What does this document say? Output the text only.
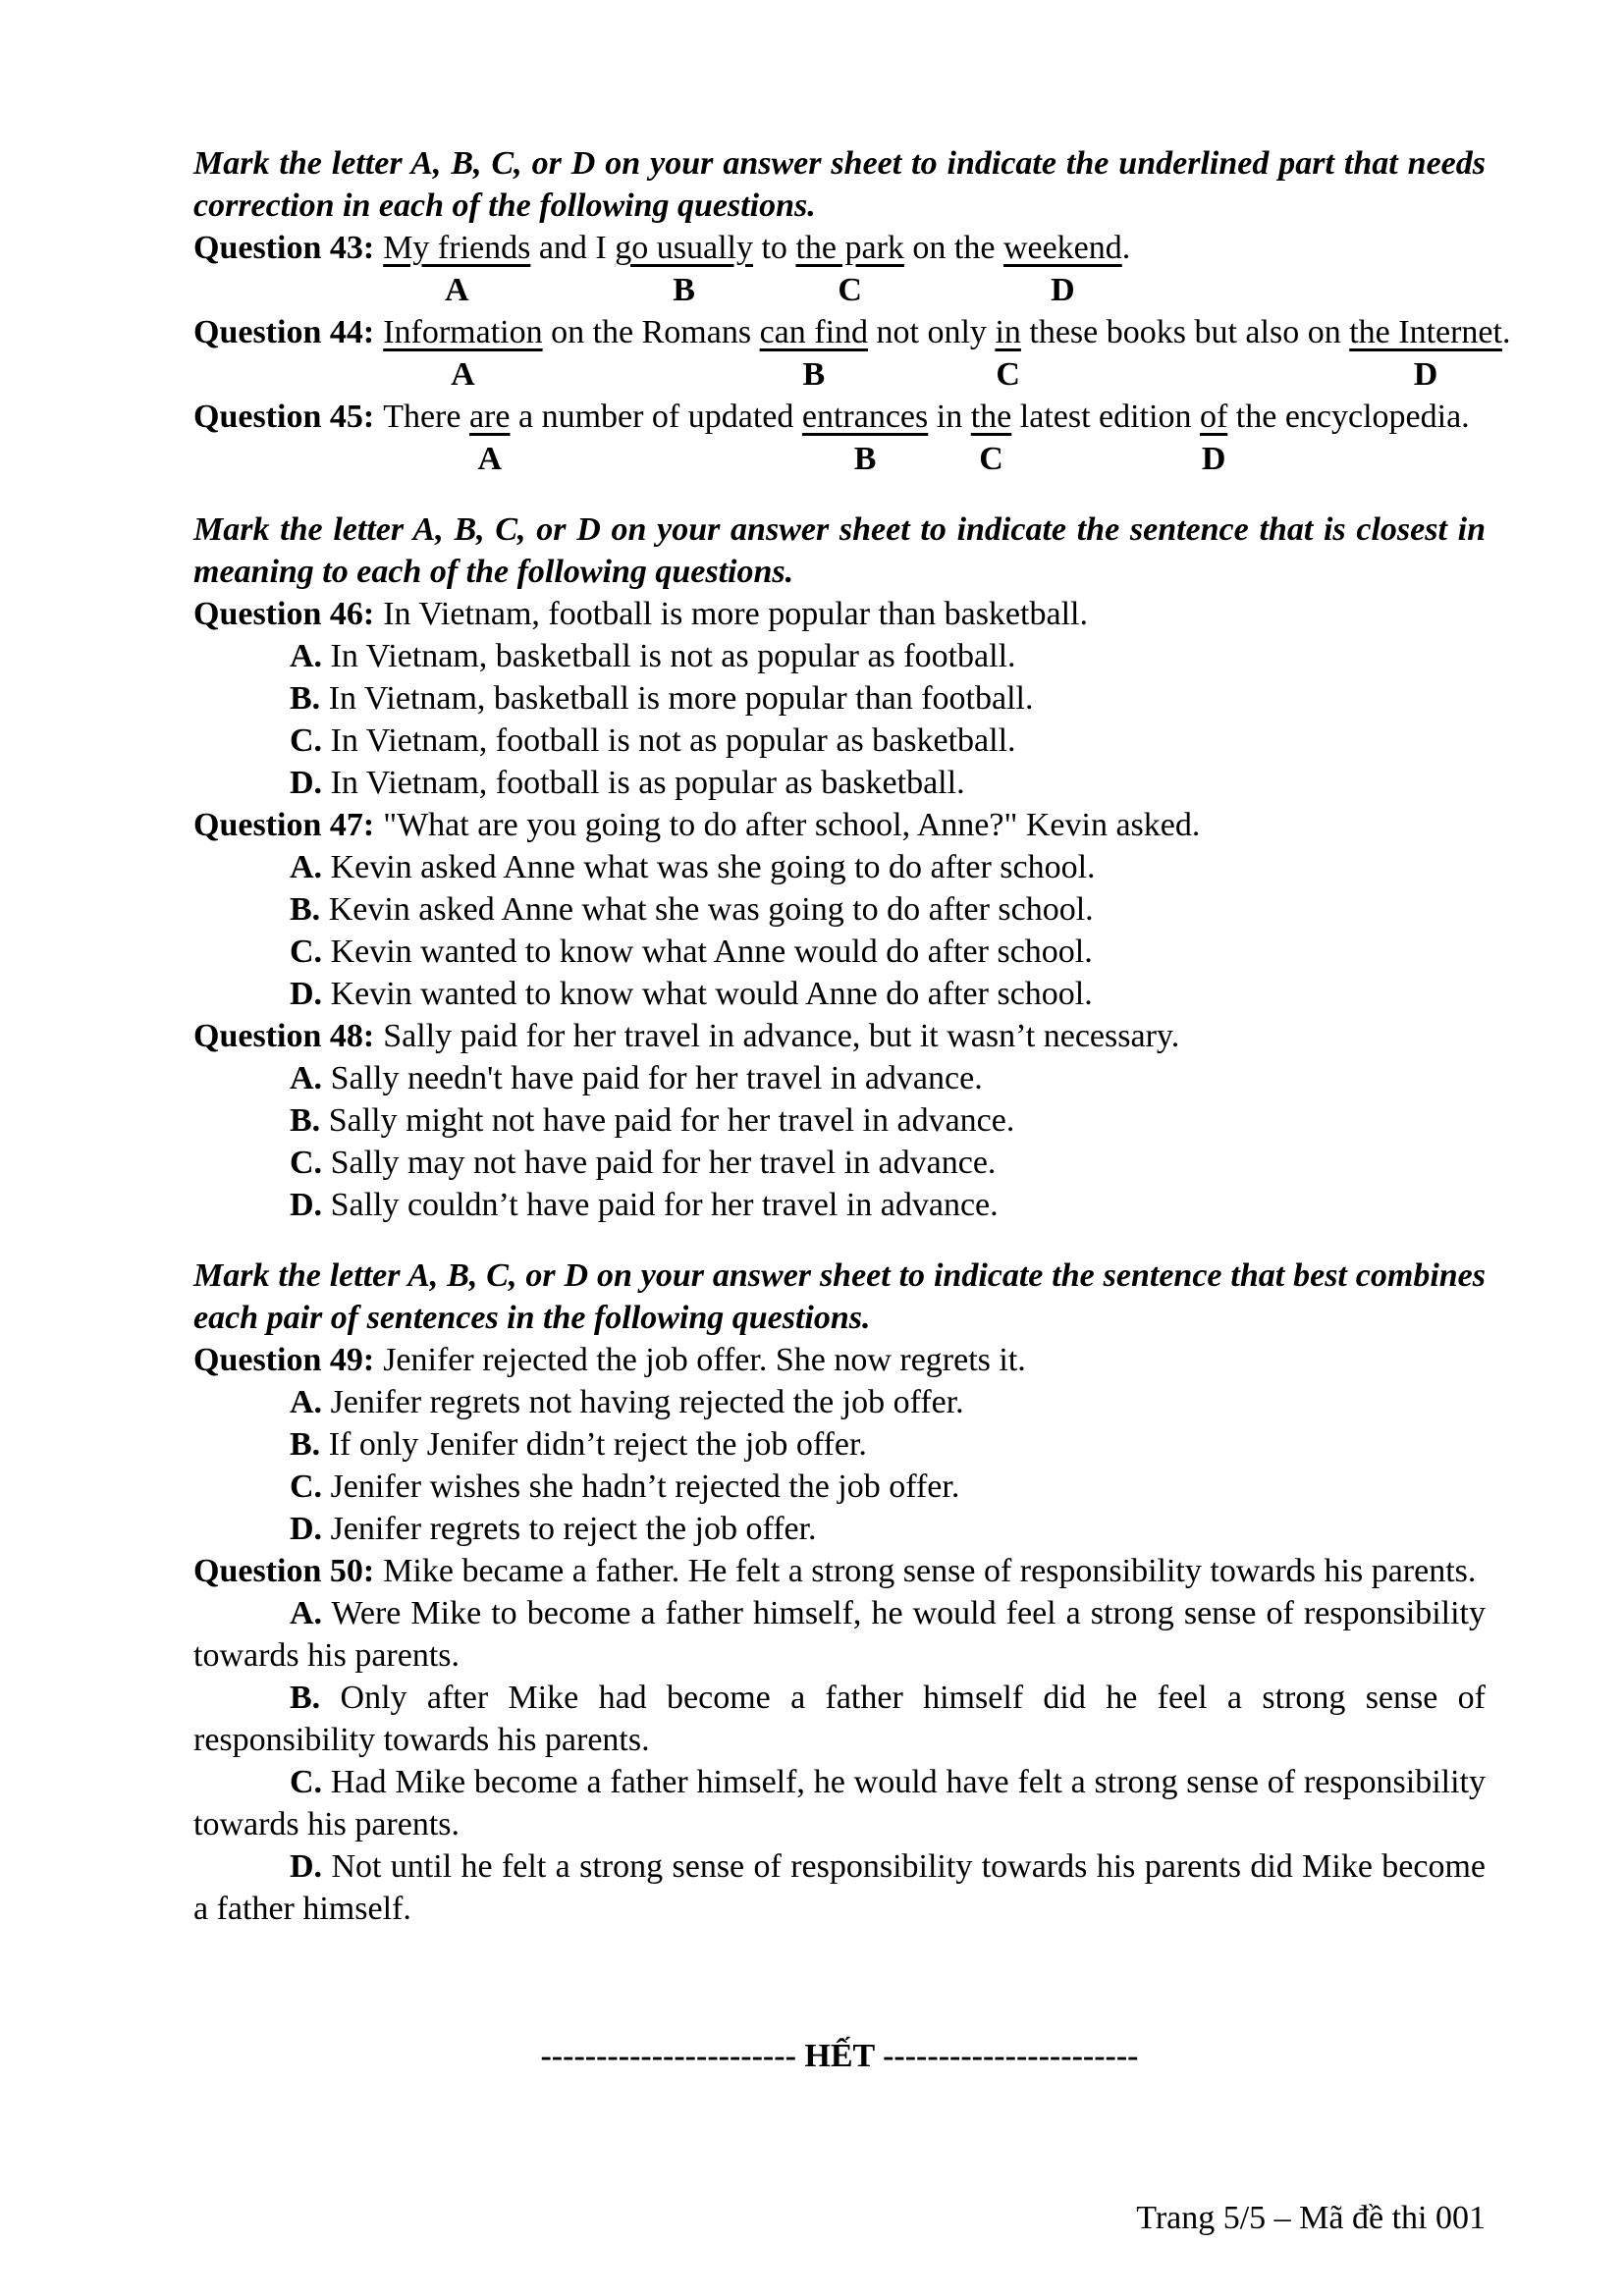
Mark the letter A, B, C, or D on your answer sheet to indicate the underlined part that needs correction in each of the following questions.

Question 43: My friends and I go usually to the park on the weekend.

A	B	C	D

Question 44: Information on the Romans can find not only in these books but also on the Internet.

A	B	C	D

Question 45: There are a number of updated entrances in the latest edition of the encyclopedia.

A	B	C	D

Mark the letter A, B, C, or D on your answer sheet to indicate the sentence that is closest in meaning to each of the following questions.

Question 46: In Vietnam, football is more popular than basketball.

A. In Vietnam, basketball is not as popular as football.

B. In Vietnam, basketball is more popular than football.

C. In Vietnam, football is not as popular as basketball.

D. In Vietnam, football is as popular as basketball.

Question 47: "What are you going to do after school, Anne?" Kevin asked.

A. Kevin asked Anne what was she going to do after school.

B. Kevin asked Anne what she was going to do after school.

C. Kevin wanted to know what Anne would do after school.

D. Kevin wanted to know what would Anne do after school.

Question 48: Sally paid for her travel in advance, but it wasn’t necessary.

A. Sally needn't have paid for her travel in advance.

B. Sally might not have paid for her travel in advance.

C. Sally may not have paid for her travel in advance.

D. Sally couldn’t have paid for her travel in advance.

Mark the letter A, B, C, or D on your answer sheet to indicate the sentence that best combines each pair of sentences in the following questions.

Question 49: Jenifer rejected the job offer. She now regrets it.

A. Jenifer regrets not having rejected the job offer.

B. If only Jenifer didn’t reject the job offer.

C. Jenifer wishes she hadn’t rejected the job offer.

D. Jenifer regrets to reject the job offer.

Question 50: Mike became a father. He felt a strong sense of responsibility towards his parents.

A. Were Mike to become a father himself, he would feel a strong sense of responsibility towards his parents.

B. Only after Mike had become a father himself did he feel a strong sense of responsibility towards his parents.

C. Had Mike become a father himself, he would have felt a strong sense of responsibility towards his parents.

D. Not until he felt a strong sense of responsibility towards his parents did Mike become a father himself.

----------------------- HẾT -----------------------

Trang 5/5 – Mã đề thi 001
